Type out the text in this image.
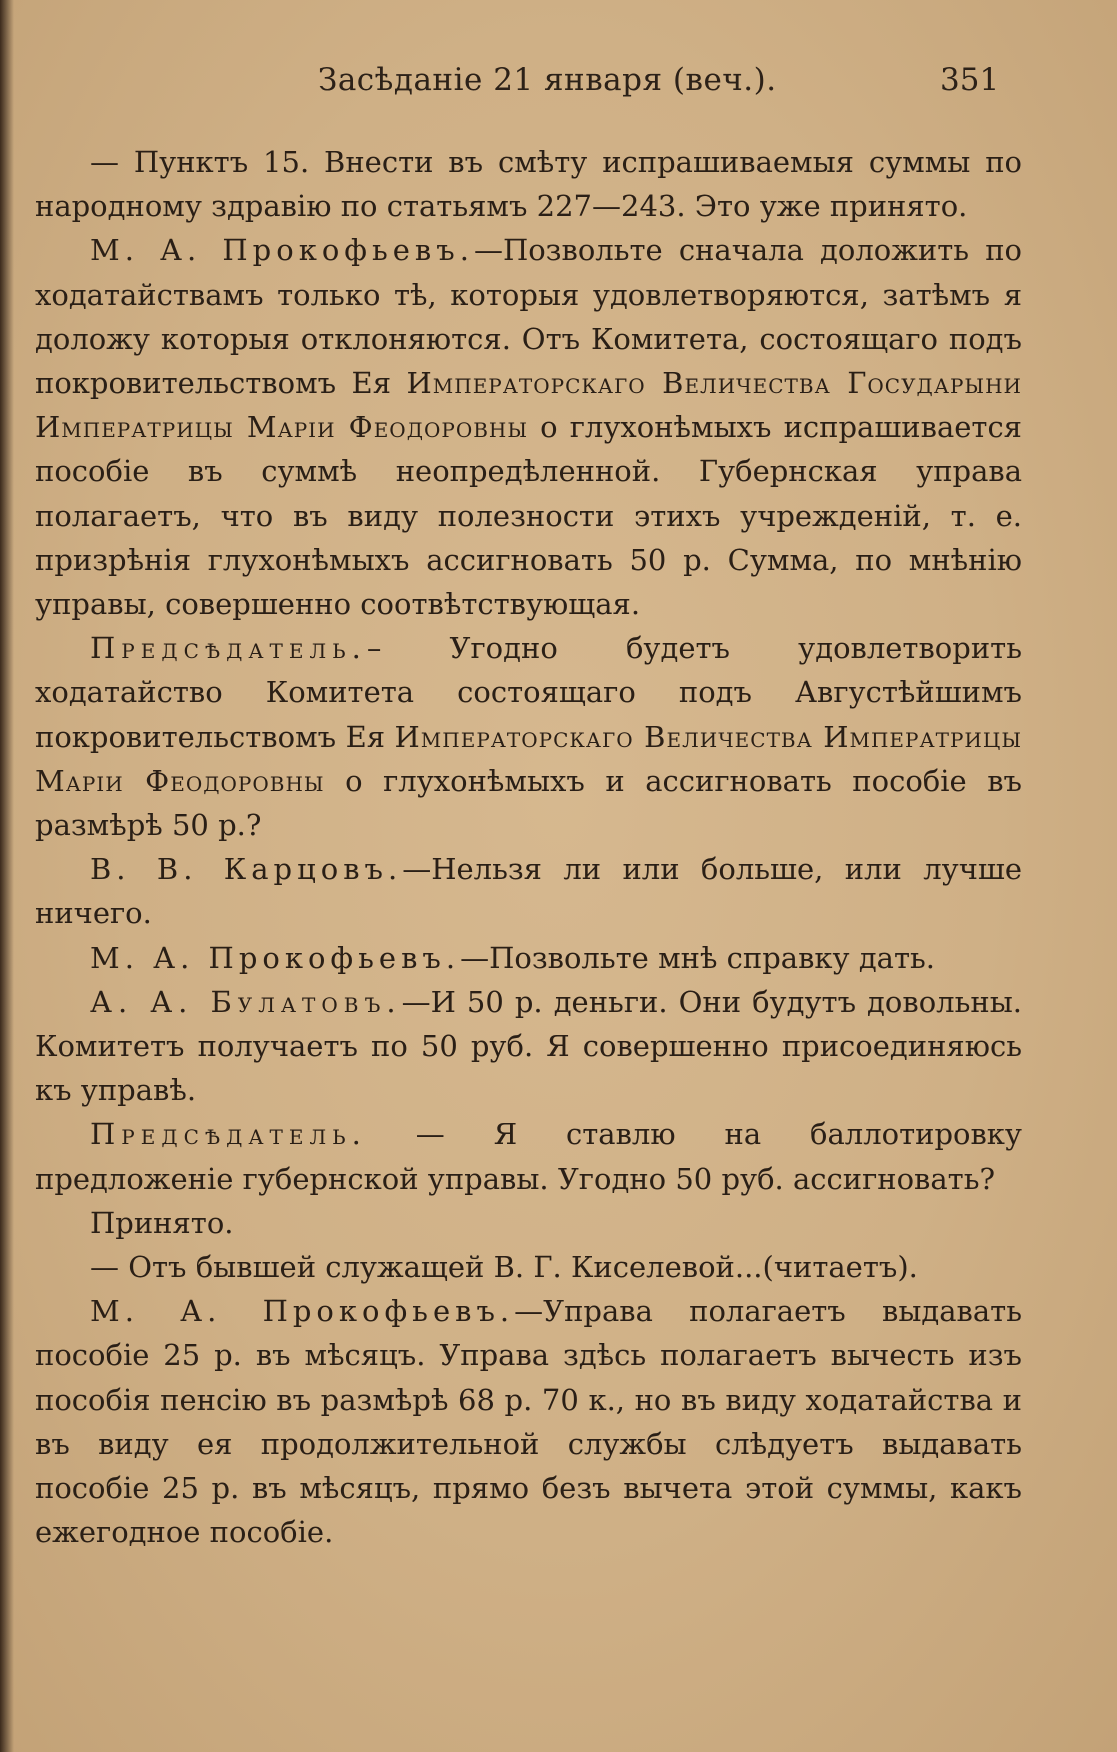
Засѣданіе 21 января (веч.).	351

— Пунктъ 15. Внести въ смѣту испрашиваемыя суммы по народному здравію по статьямъ 227—243. Это уже принято.

М. А. Прокофьевъ.—Позвольте сначала доложить по ходатайствамъ только тѣ, которыя удовлетворяются, затѣмъ я доложу которыя отклоняются. Отъ Комитета, состоящаго подъ покровительствомъ Ея Императорскаго Величества Государыни Императрицы Маріи Феодоровны о глухонѣмыхъ испрашивается пособіе въ суммѣ неопредѣленной. Губернская управа полагаетъ, что въ виду полезности этихъ учрежденій, т. е. призрѣнія глухонѣмыхъ ассигновать 50 р. Сумма, по мнѣнію управы, совершенно соотвѣтствующая.

Предсѣдатель.– Угодно будетъ удовлетворить ходатайство Комитета состоящаго подъ Августѣйшимъ покровительствомъ Ея Императорскаго Величества Императрицы Маріи Феодоровны о глухонѣмыхъ и ассигновать пособіе въ размѣрѣ 50 р.?

В. В. Карцовъ.—Нельзя ли или больше, или лучше ничего.

М. А. Прокофьевъ.—Позвольте мнѣ справку дать.

А. А. Булатовъ.—И 50 р. деньги. Они будутъ довольны. Комитетъ получаетъ по 50 руб. Я совершенно присоединяюсь къ управѣ.

Предсѣдатель. — Я ставлю на баллотировку предложеніе губернской управы. Угодно 50 руб. ассигновать?

Принято.

— Отъ бывшей служащей В. Г. Киселевой...(читаетъ).

М. А. Прокофьевъ.—Управа полагаетъ выдавать пособіе 25 р. въ мѣсяцъ. Управа здѣсь полагаетъ вычесть изъ пособія пенсію въ размѣрѣ 68 р. 70 к., но въ виду ходатайства и въ виду ея продолжительной службы слѣдуетъ выдавать пособіе 25 р. въ мѣсяцъ, прямо безъ вычета этой суммы, какъ ежегодное пособіе.
